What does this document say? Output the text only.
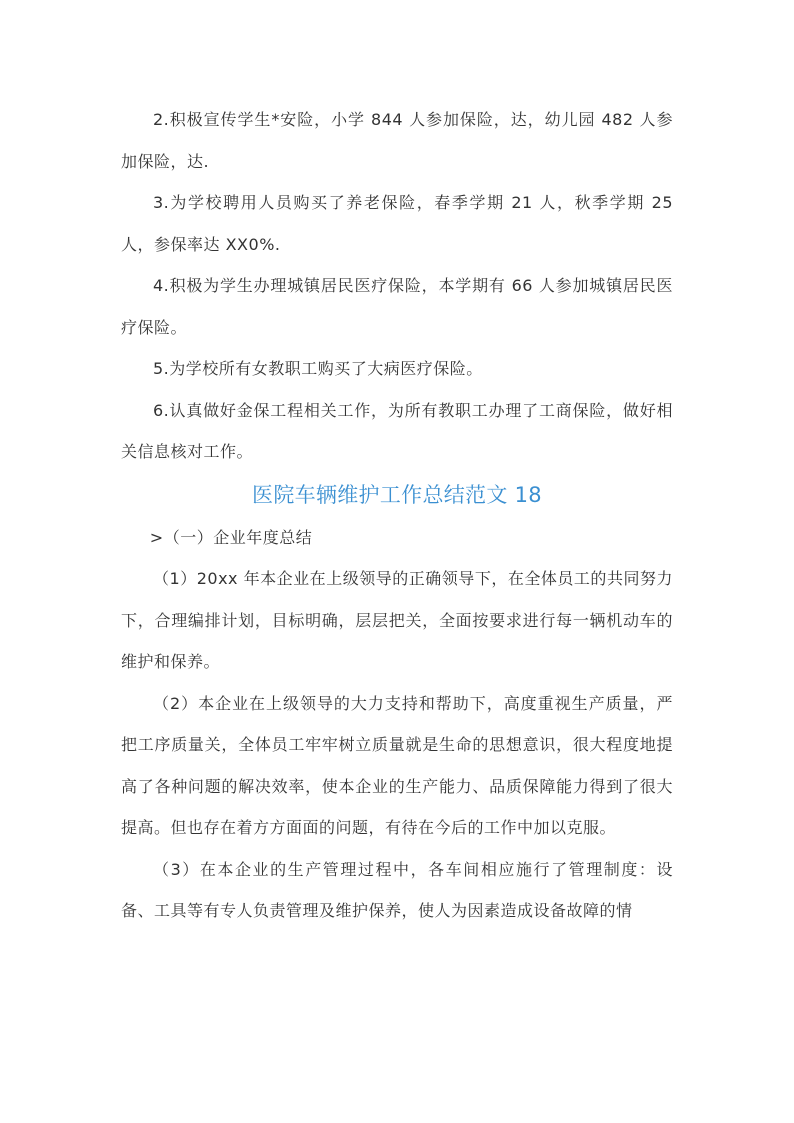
2.积极宣传学生*安险，小学 844 人参加保险，达，幼儿园 482 人参加保险，达.

3.为学校聘用人员购买了养老保险，春季学期 21 人，秋季学期 25 人，参保率达 XX0%.

4.积极为学生办理城镇居民医疗保险，本学期有 66 人参加城镇居民医疗保险。

5.为学校所有女教职工购买了大病医疗保险。

6.认真做好金保工程相关工作，为所有教职工办理了工商保险，做好相关信息核对工作。

医院车辆维护工作总结范文 18

>（一）企业年度总结

（1）20xx 年本企业在上级领导的正确领导下，在全体员工的共同努力下，合理编排计划，目标明确，层层把关，全面按要求进行每一辆机动车的维护和保养。

（2）本企业在上级领导的大力支持和帮助下，高度重视生产质量，严把工序质量关，全体员工牢牢树立质量就是生命的思想意识，很大程度地提高了各种问题的解决效率，使本企业的生产能力、品质保障能力得到了很大提高。但也存在着方方面面的问题，有待在今后的工作中加以克服。

（3）在本企业的生产管理过程中，各车间相应施行了管理制度：设备、工具等有专人负责管理及维护保养，使人为因素造成设备故障的情
